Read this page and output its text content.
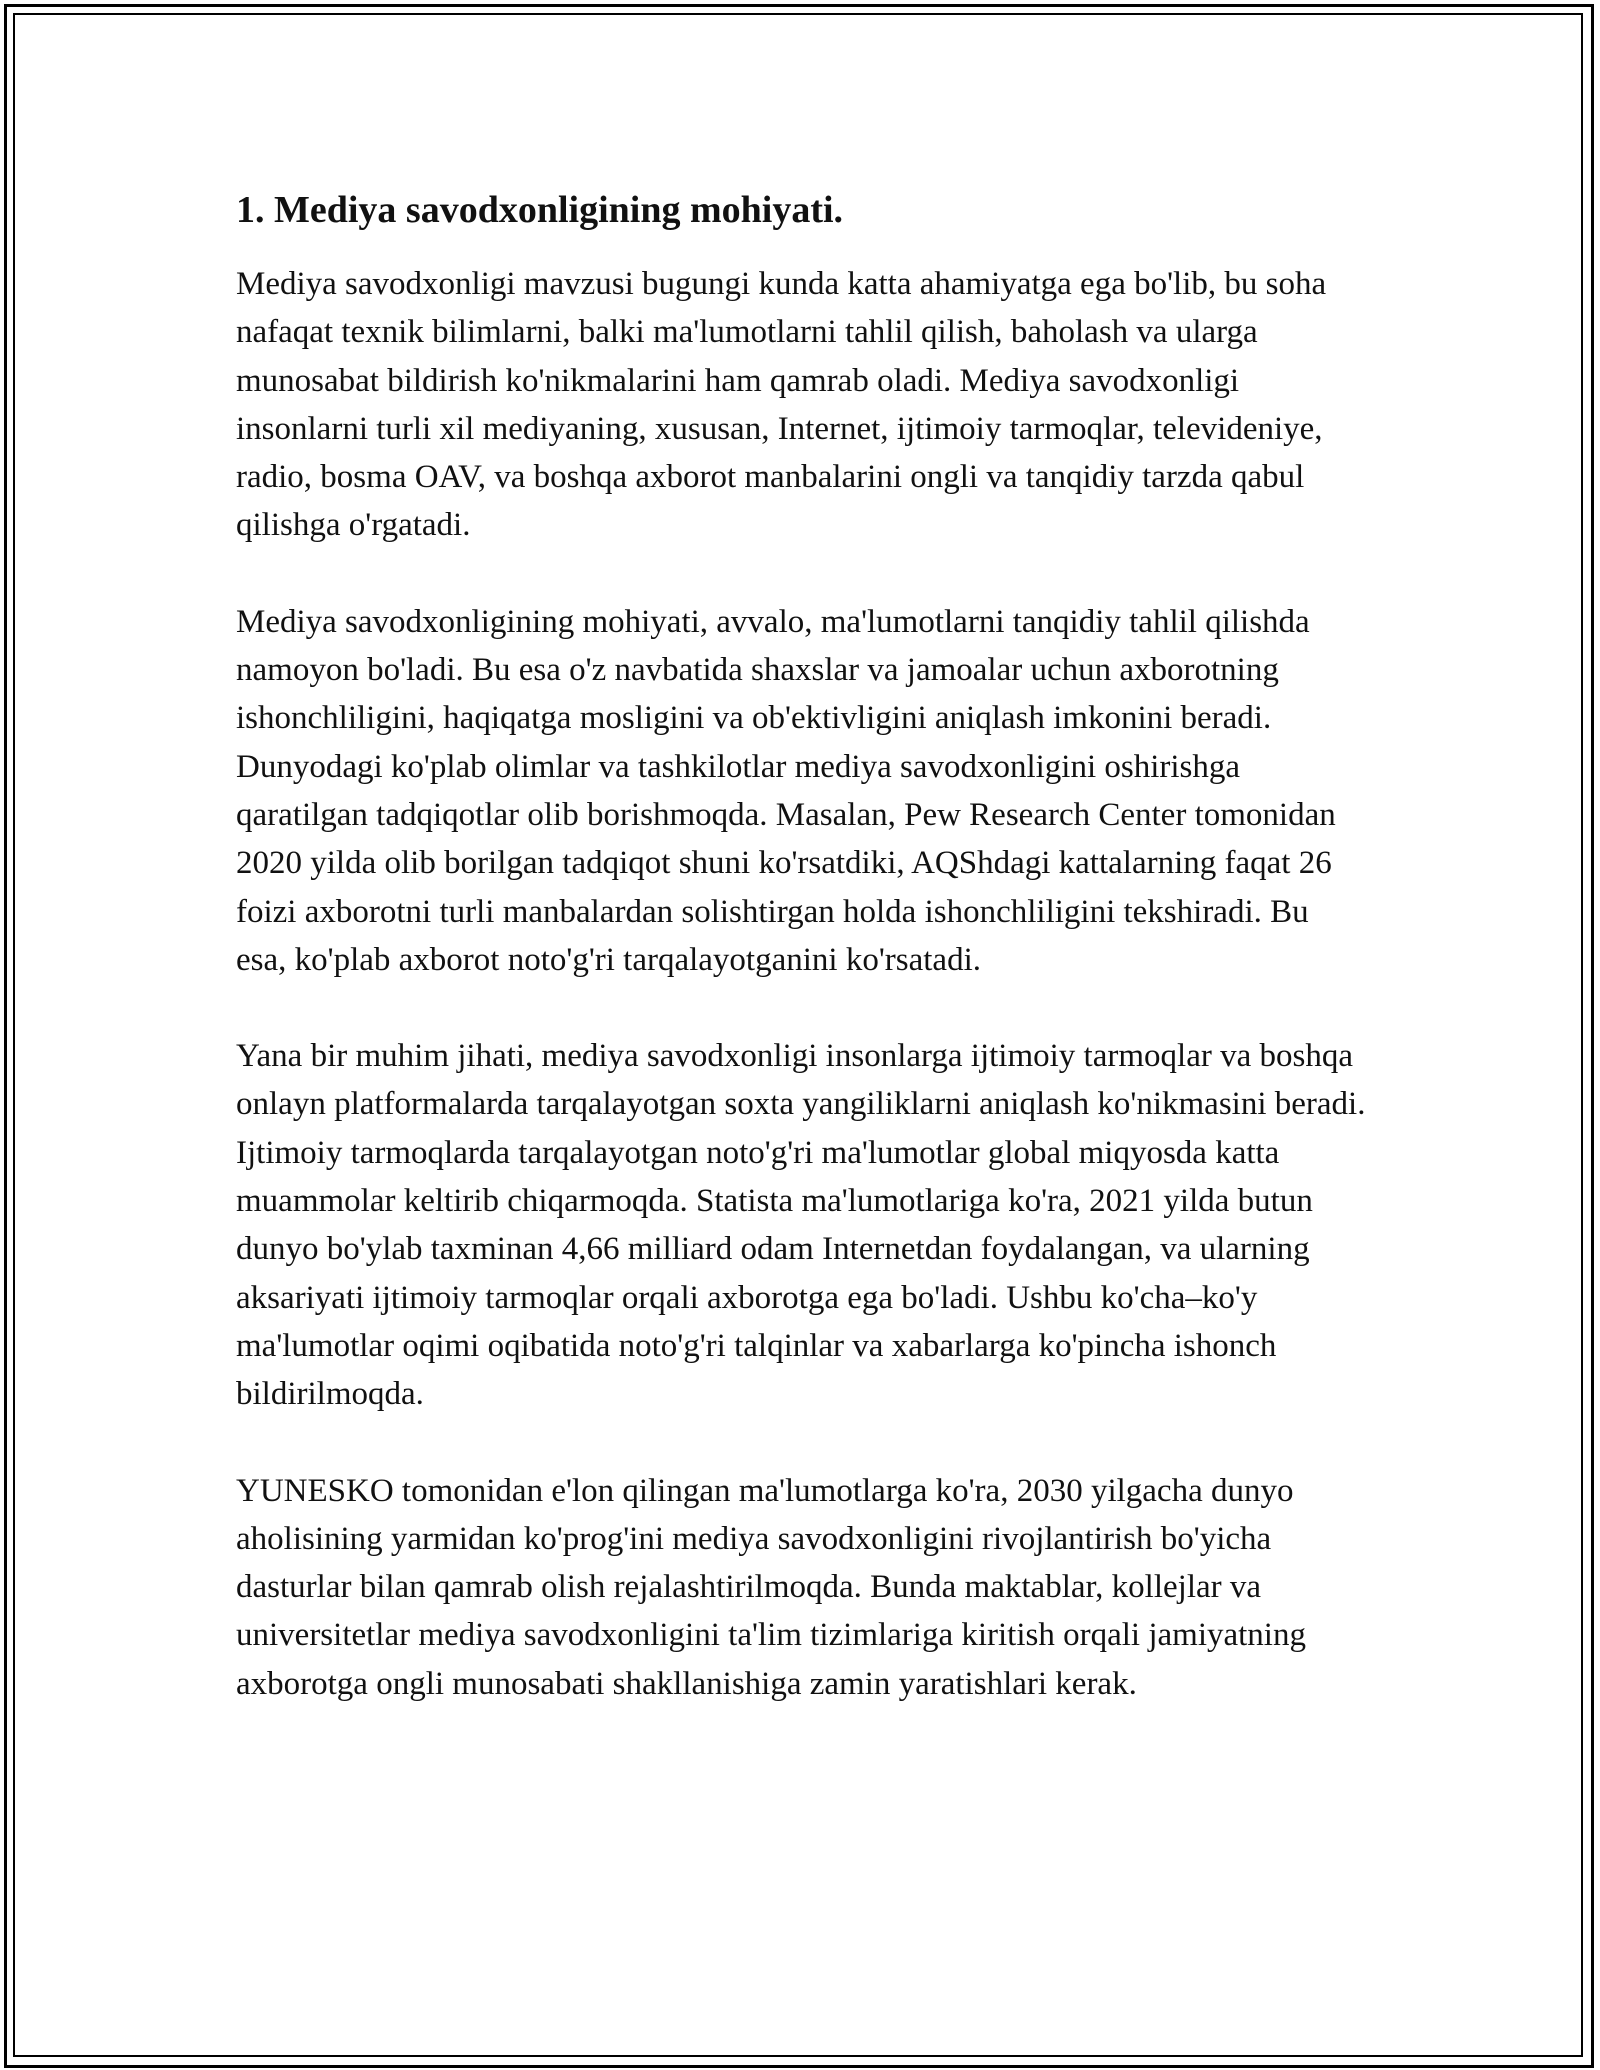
1. Mediya savodxonligining mohiyati.

Mediya savodxonligi mavzusi bugungi kunda katta ahamiyatga ega bo'lib, bu soha nafaqat texnik bilimlarni, balki ma'lumotlarni tahlil qilish, baholash va ularga munosabat bildirish ko'nikmalarini ham qamrab oladi. Mediya savodxonligi insonlarni turli xil mediyaning, xususan, Internet, ijtimoiy tarmoqlar, televideniye, radio, bosma OAV, va boshqa axborot manbalarini ongli va tanqidiy tarzda qabul qilishga o'rgatadi.

Mediya savodxonligining mohiyati, avvalo, ma'lumotlarni tanqidiy tahlil qilishda namoyon bo'ladi. Bu esa o'z navbatida shaxslar va jamoalar uchun axborotning ishonchliligini, haqiqatga mosligini va ob'ektivligini aniqlash imkonini beradi. Dunyodagi ko'plab olimlar va tashkilotlar mediya savodxonligini oshirishga qaratilgan tadqiqotlar olib borishmoqda. Masalan, Pew Research Center tomonidan 2020 yilda olib borilgan tadqiqot shuni ko'rsatdiki, AQShdagi kattalarning faqat 26 foizi axborotni turli manbalardan solishtirgan holda ishonchliligini tekshiradi. Bu esa, ko'plab axborot noto'g'ri tarqalayotganini ko'rsatadi.

Yana bir muhim jihati, mediya savodxonligi insonlarga ijtimoiy tarmoqlar va boshqa onlayn platformalarda tarqalayotgan soxta yangiliklarni aniqlash ko'nikmasini beradi. Ijtimoiy tarmoqlarda tarqalayotgan noto'g'ri ma'lumotlar global miqyosda katta muammolar keltirib chiqarmoqda. Statista ma'lumotlariga ko'ra, 2021 yilda butun dunyo bo'ylab taxminan 4,66 milliard odam Internetdan foydalangan, va ularning aksariyati ijtimoiy tarmoqlar orqali axborotga ega bo'ladi. Ushbu ko'cha–ko'y ma'lumotlar oqimi oqibatida noto'g'ri talqinlar va xabarlarga ko'pincha ishonch bildirilmoqda.

YUNESKO tomonidan e'lon qilingan ma'lumotlarga ko'ra, 2030 yilgacha dunyo aholisining yarmidan ko'prog'ini mediya savodxonligini rivojlantirish bo'yicha dasturlar bilan qamrab olish rejalashtirilmoqda. Bunda maktablar, kollejlar va universitetlar mediya savodxonligini ta'lim tizimlariga kiritish orqali jamiyatning axborotga ongli munosabati shakllanishiga zamin yaratishlari kerak.
